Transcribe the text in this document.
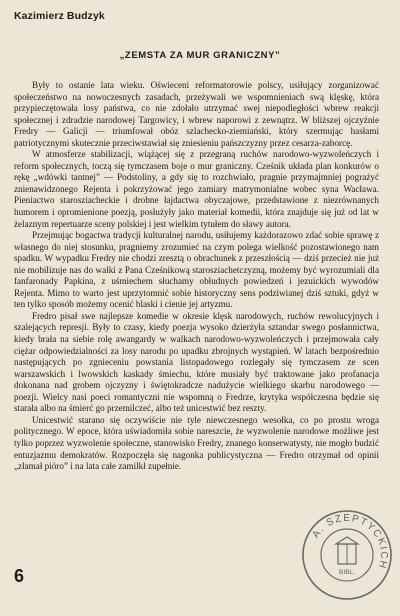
Kazimierz Budzyk
„ZEMSTA ZA MUR GRANICZNY”

Były to ostanie lata wieku. Oświeceni reformatorowie polscy, usiłujący zorganizować społeczeństwo na nowoczesnych zasadach, przeżywali we wspomnieniach swą klęskę, która przypieczętowała losy państwa, co nie zdołało utrzymać swej niepodległości wbrew reakcji społecznej i zdradzie narodowej Targowicy, i wbrew naporowi z zewnątrz. W bliższej ojczyźnie Fredry — Galicji — triumfował obóz szlachecko-ziemiański, który szermując hasłami patriotycznymi skutecznie przeciwstawiał się zniesieniu pańszczyzny przez cesarza-zaborcę.

W atmosferze stabilizacji, wiążącej się z przegraną ruchów narodowo-wyzwoleńczych i reform społecznych, toczą się tymczasem boje o mur graniczny. Cześnik układa plan konkurów o rękę „wdówki tantnej” — Podstoliny, a gdy się to rozchwiało, pragnie przymajmniej pograżyć znienawidzonego Rejenta i pokrzyżować jego zamiary matrymonialne wobec syna Wacława. Pieniactwo starosziacheckie i drobne łajdactwa obyczajowe, przedstawione z niezrównanych humorem i opromienione poezją, posłużyły jako materiał komedii, która znajduje się już od lat w żelaznym repertuarze sceny polskiej i jest wielkim tytułem do sławy autora.

Przejmując bogactwa tradycji kulturalnej narodu, usiłujemy każdorazowo zdać sobie sprawę z własnego do niej stosunku, pragniemy zrozumieć na czym polega wielkość pozostawionego nam spadku. W wypadku Fredry nie chodzi zresztą o obrachunek z przeszłością — dziś przecież nie już nie mobilizuje nas do walki z Pana Cześnikową starosziachetczyzną, możemy być wyrozumiali dla fanfaronady Papkina, z uśmiechem słuchamy obłudnych powiedzeń i jezuickich wywodów Rejenta. Mimo to warto jest uprzytomnić sobie historyczny sens podziwianej dziś sztuki, gdyż w ten tylko sposób możemy ocenić blaski i cienie jej artyzmu.

Fredro pisał swe najlepsze komedie w okresie klęsk narodowych, ruchów rewolucyjnych i szalejących represji. Były to czasy, kiedy poezja wysoko dzierżyła sztandar swego posłannictwa, kiedy brała na siebie rolę awangardy w walkach narodowo-wyzwoleńczych i przejmowała cały ciężar odpowiedzialności za losy narodu po upadku zbrojnych wystąpień. W latach bezpośrednio następujących po zgnieceniu powstania listopadowego rozlegały się tymczasem ze scen warszawskich i lwowskich kaskady śmiechu, które musiały być traktowane jako profanacja dokonana nad grobem ojczyzny i świętokradcze nadużycie wielkiego skarbu narodowego — poezji. Wielcy nasi poeci romantyczni nie wspomną o Fredrze, krytyka współczesna będzie się starała albo na śmierć go przemilczeć, albo też unicestwić bez reszty.

Unicestwić starano się oczywiście nie tyle niewczesnego wesołka, co po prostu wroga politycznego. W epoce, która uświadomiła sobie nareszcie, że wyzwolenie narodowe możliwe jest tylko poprzez wyzwolenie społeczne, stanowisko Fredry, znanego konserwatysty, nie mogło budzić entuzjazmu demokratów. Rozpoczęła się nagonka publicystyczna — Fredro otrzymał od opinii „złamał pióro” i na lata całe zamilkł zupełnie.

6
A. SZEPTYCKICH
BIBL.
